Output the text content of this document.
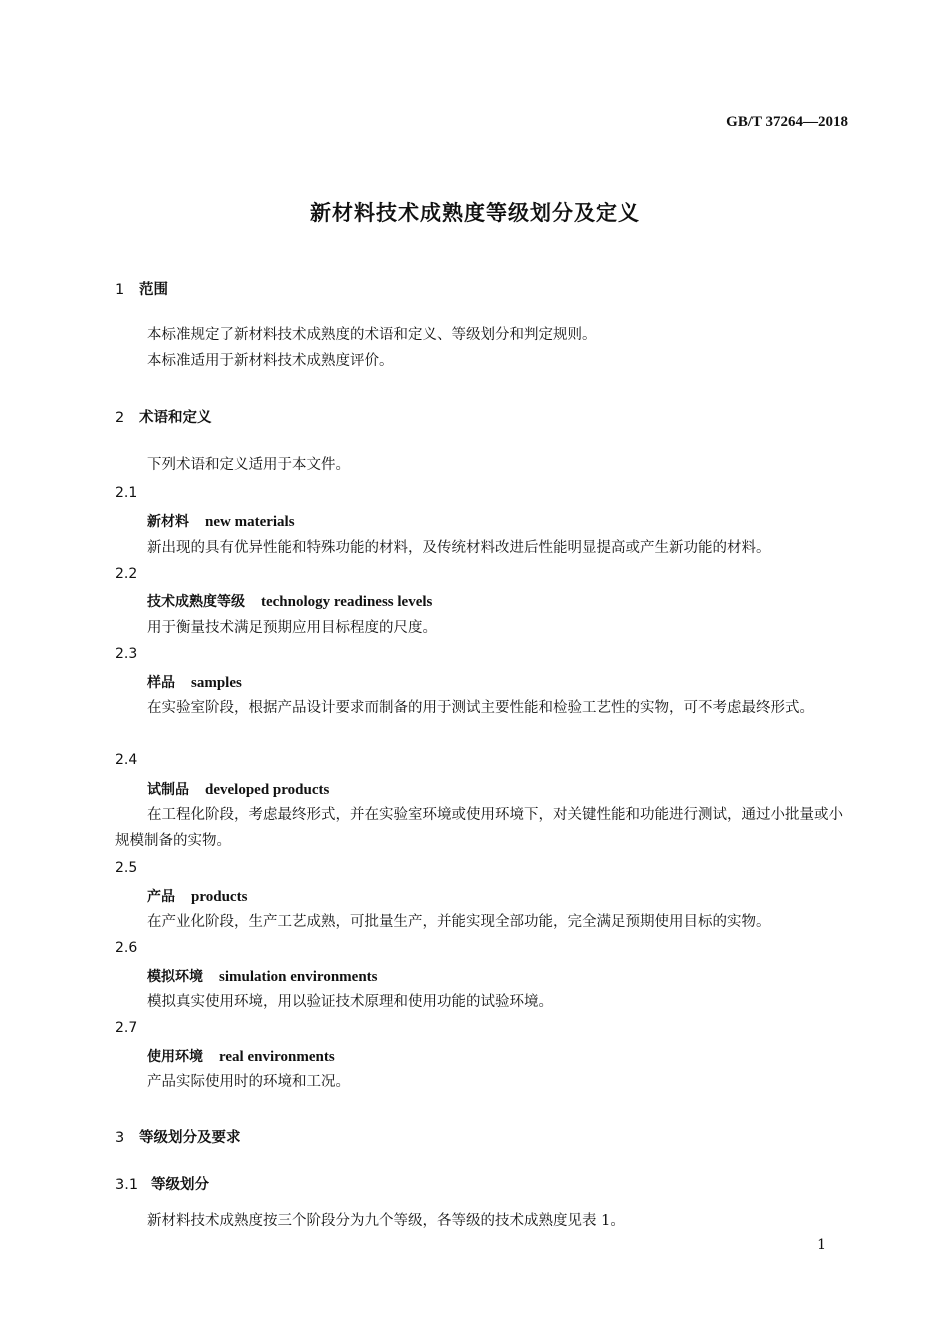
GB/T 37264—2018
新材料技术成熟度等级划分及定义
1 范围
本标准规定了新材料技术成熟度的术语和定义、等级划分和判定规则。
本标准适用于新材料技术成熟度评价。
2 术语和定义
下列术语和定义适用于本文件。
2.1
新材料 new materials
新出现的具有优异性能和特殊功能的材料，及传统材料改进后性能明显提高或产生新功能的材料。
2.2
技术成熟度等级 technology readiness levels
用于衡量技术满足预期应用目标程度的尺度。
2.3
样品 samples
在实验室阶段，根据产品设计要求而制备的用于测试主要性能和检验工艺性的实物，可不考虑最终形式。
2.4
试制品 developed products
在工程化阶段，考虑最终形式，并在实验室环境或使用环境下，对关键性能和功能进行测试，通过小批量或小规模制备的实物。
2.5
产品 products
在产业化阶段，生产工艺成熟，可批量生产，并能实现全部功能，完全满足预期使用目标的实物。
2.6
模拟环境 simulation environments
模拟真实使用环境，用以验证技术原理和使用功能的试验环境。
2.7
使用环境 real environments
产品实际使用时的环境和工况。
3 等级划分及要求
3.1 等级划分
新材料技术成熟度按三个阶段分为九个等级，各等级的技术成熟度见表 1。
1
